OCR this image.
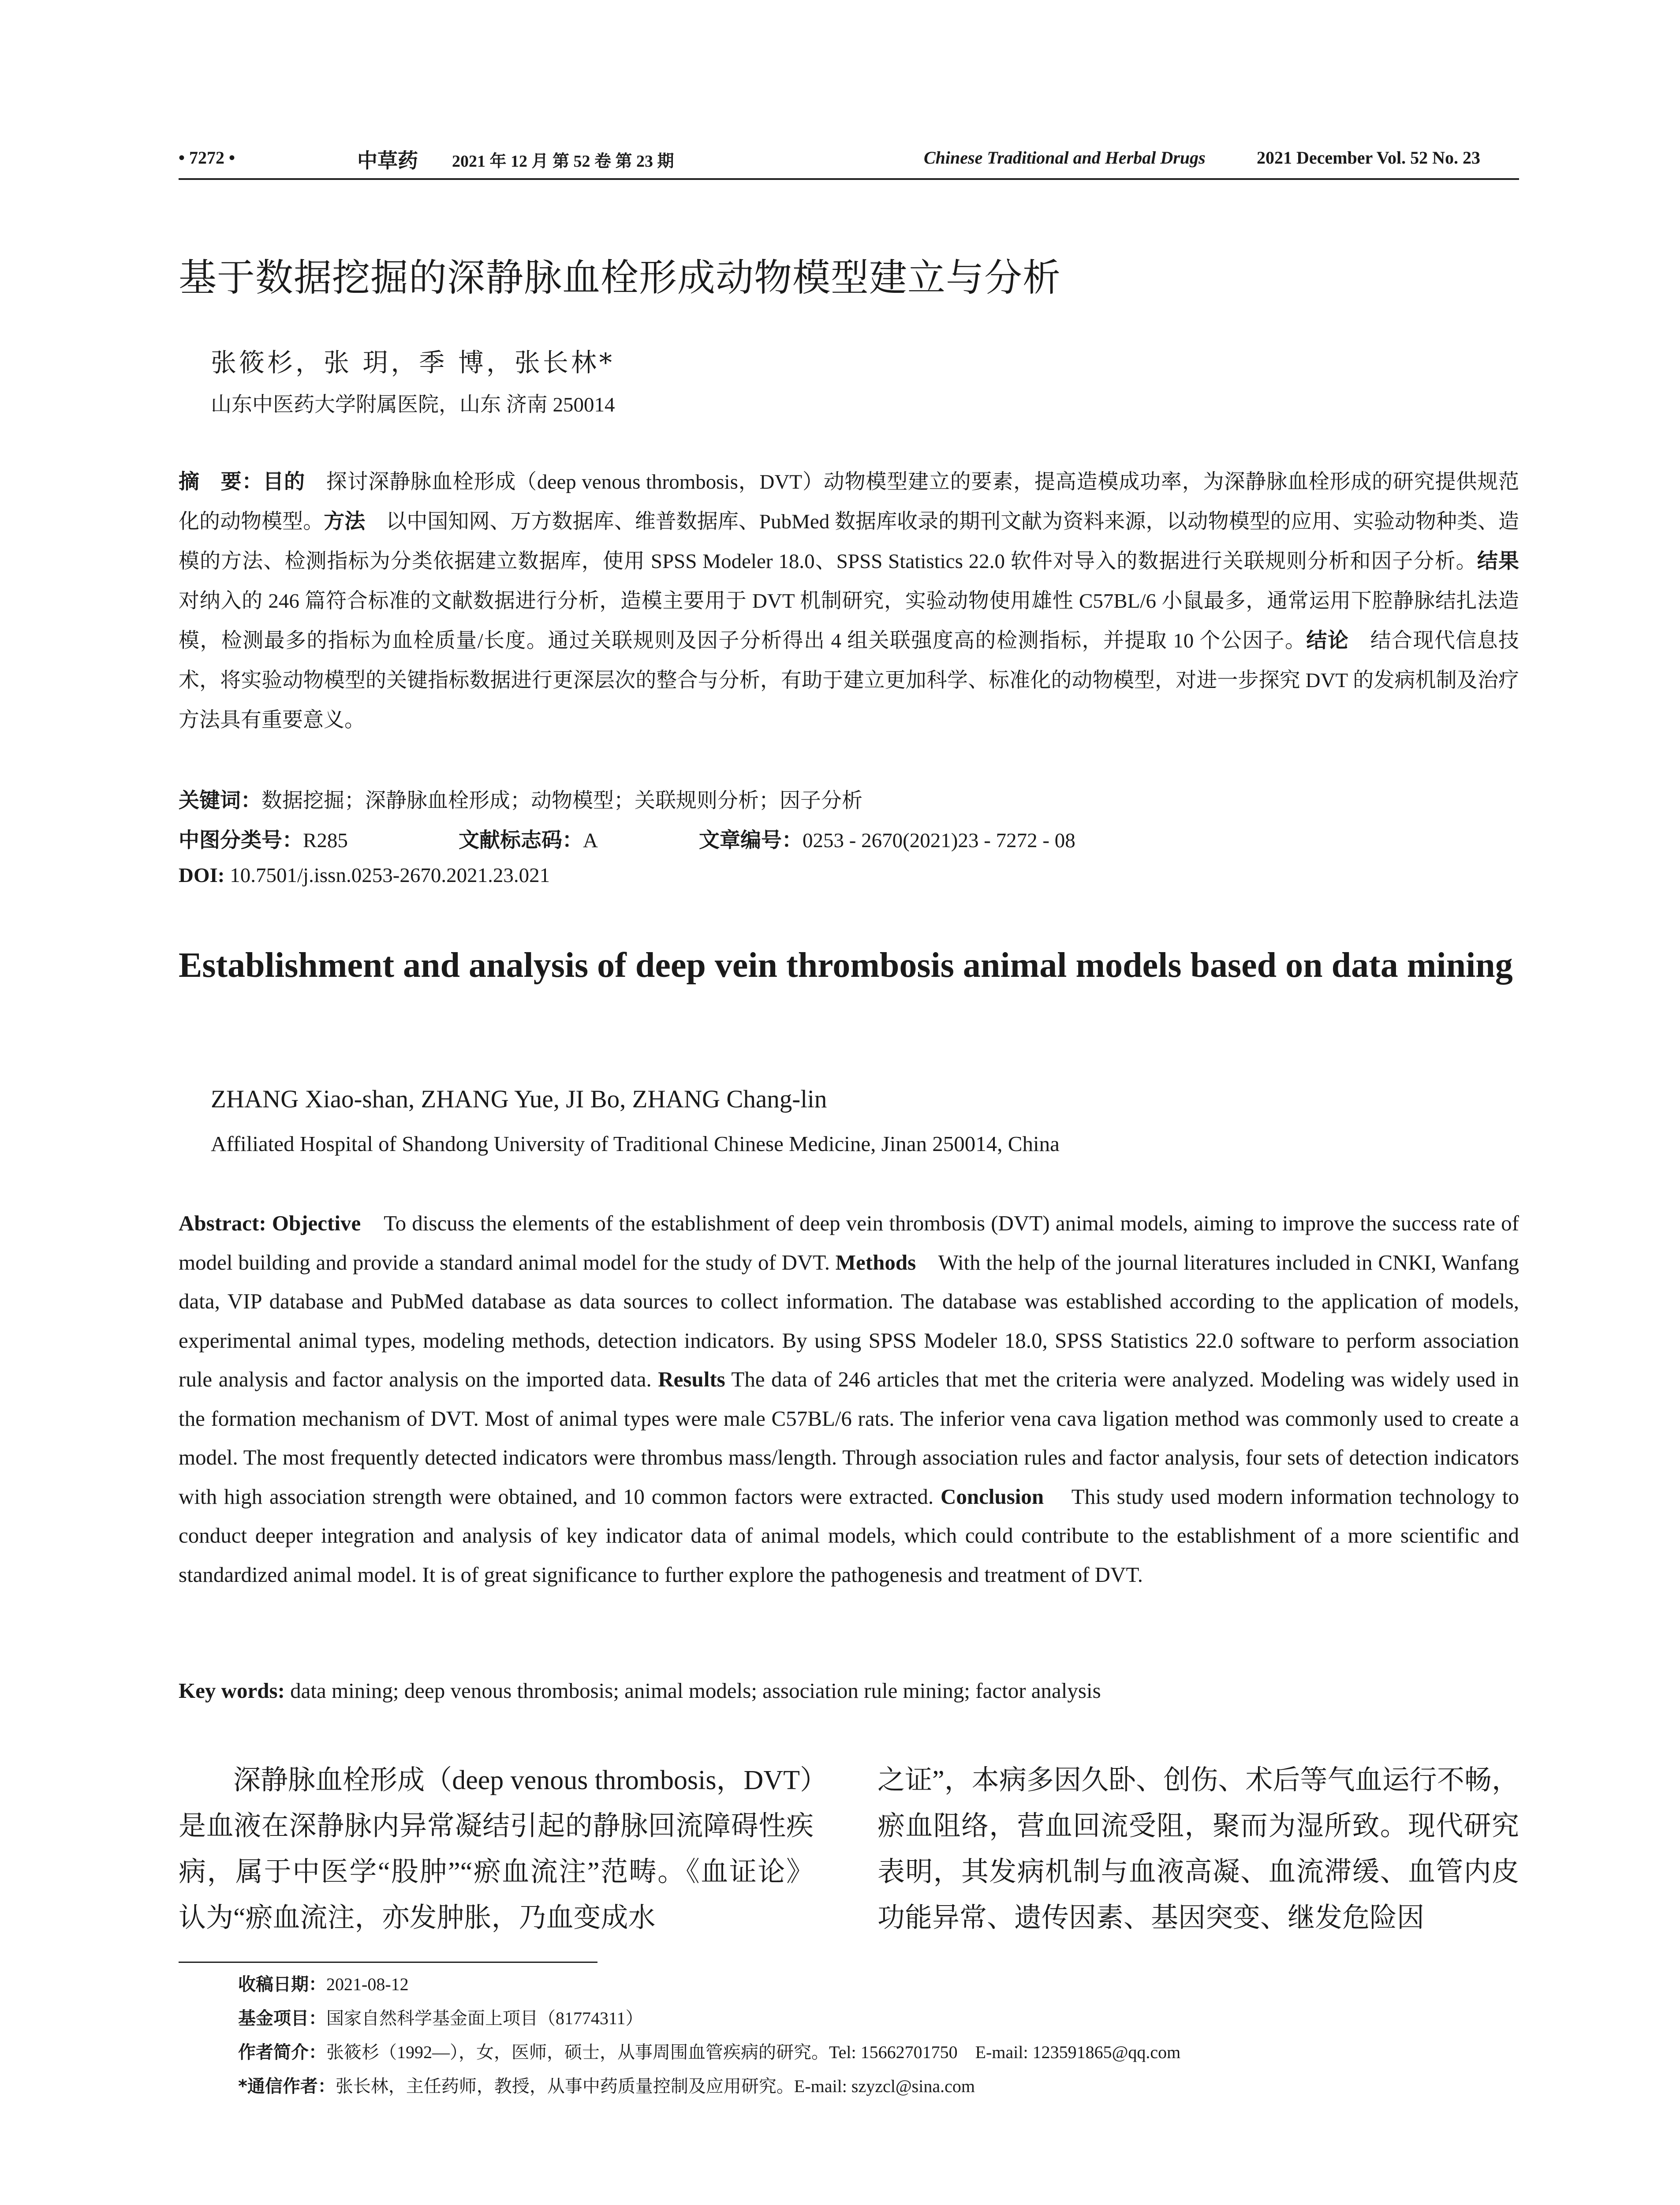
• 7272 •	中草药 2021 年 12 月 第 52 卷 第 23 期	Chinese Traditional and Herbal Drugs	2021 December Vol. 52 No. 23
基于数据挖掘的深静脉血栓形成动物模型建立与分析
张筱杉，张 玥，季 博，张长林*
山东中医药大学附属医院，山东 济南 250014
摘　要：目的　 探讨深静脉血栓形成（deep venous thrombosis，DVT）动物模型建立的要素，提高造模成功率，为深静脉血栓形成的研究提供规范化的动物模型。方法　 以中国知网、万方数据库、维普数据库、PubMed 数据库收录的期刊文献为资料来源，以动物模型的应用、实验动物种类、造模的方法、检测指标为分类依据建立数据库，使用 SPSS Modeler 18.0、SPSS Statistics 22.0 软件对导入的数据进行关联规则分析和因子分析。结果　对纳入的 246 篇符合标准的文献数据进行分析，造模主要用于 DVT 机制研究，实验动物使用雄性 C57BL/6 小鼠最多，通常运用下腔静脉结扎法造模，检测最多的指标为血栓质量/长度。通过关联规则及因子分析得出 4 组关联强度高的检测指标，并提取 10 个公因子。结论　 结合现代信息技术，将实验动物模型的关键指标数据进行更深层次的整合与分析，有助于建立更加科学、标准化的动物模型，对进一步探究 DVT 的发病机制及治疗方法具有重要意义。
关键词：数据挖掘；深静脉血栓形成；动物模型；关联规则分析；因子分析
中图分类号：R285	文献标志码：A	文章编号：0253 - 2670(2021)23 - 7272 - 08
DOI: 10.7501/j.issn.0253-2670.2021.23.021
Establishment and analysis of deep vein thrombosis animal models based on data mining
ZHANG Xiao-shan, ZHANG Yue, JI Bo, ZHANG Chang-lin
Affiliated Hospital of Shandong University of Traditional Chinese Medicine, Jinan 250014, China
Abstract: Objective To discuss the elements of the establishment of deep vein thrombosis (DVT) animal models, aiming to improve the success rate of model building and provide a standard animal model for the study of DVT. Methods With the help of the journal literatures included in CNKI, Wanfang data, VIP database and PubMed database as data sources to collect information. The database was established according to the application of models, experimental animal types, modeling methods, detection indicators. By using SPSS Modeler 18.0, SPSS Statistics 22.0 software to perform association rule analysis and factor analysis on the imported data. Results The data of 246 articles that met the criteria were analyzed. Modeling was widely used in the formation mechanism of DVT. Most of animal types were male C57BL/6 rats. The inferior vena cava ligation method was commonly used to create a model. The most frequently detected indicators were thrombus mass/length. Through association rules and factor analysis, four sets of detection indicators with high association strength were obtained, and 10 common factors were extracted. Conclusion This study used modern information technology to conduct deeper integration and analysis of key indicator data of animal models, which could contribute to the establishment of a more scientific and standardized animal model. It is of great significance to further explore the pathogenesis and treatment of DVT.
Key words: data mining; deep venous thrombosis; animal models; association rule mining; factor analysis
深静脉血栓形成（deep venous thrombosis，DVT）是血液在深静脉内异常凝结引起的静脉回流障碍性疾病，属于中医学“股肿”“瘀血流注”范畴。《血证论》认为“瘀血流注，亦发肿胀，乃血变成水
之证”，本病多因久卧、创伤、术后等气血运行不畅，瘀血阻络，营血回流受阻，聚而为湿所致。现代研究表明，其发病机制与血液高凝、血流滞缓、血管内皮功能异常、遗传因素、基因突变、继发危险因
收稿日期：2021-08-12
基金项目：国家自然科学基金面上项目（81774311）
作者简介：张筱杉（1992—），女，医师，硕士，从事周围血管疾病的研究。Tel: 15662701750　E-mail: 123591865@qq.com
*通信作者：张长林，主任药师，教授，从事中药质量控制及应用研究。E-mail: szyzcl@sina.com
